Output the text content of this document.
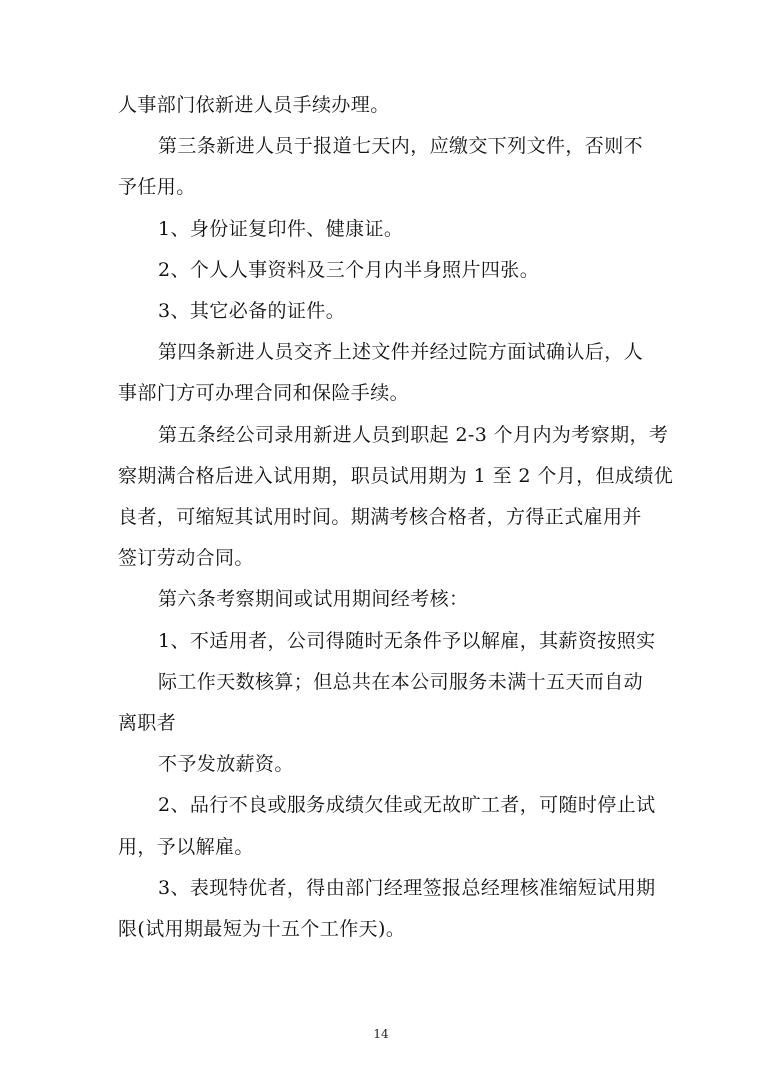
人事部门依新进人员手续办理。
第三条新进人员于报道七天内，应缴交下列文件，否则不
予任用。
1、身份证复印件、健康证。
2、个人人事资料及三个月内半身照片四张。
3、其它必备的证件。
第四条新进人员交齐上述文件并经过院方面试确认后，人
事部门方可办理合同和保险手续。
第五条经公司录用新进人员到职起 2-3 个月内为考察期，考
察期满合格后进入试用期，职员试用期为 1 至 2 个月，但成绩优
良者，可缩短其试用时间。期满考核合格者，方得正式雇用并
签订劳动合同。
第六条考察期间或试用期间经考核：
1、不适用者，公司得随时无条件予以解雇，其薪资按照实
际工作天数核算；但总共在本公司服务未满十五天而自动
离职者
不予发放薪资。
2、品行不良或服务成绩欠佳或无故旷工者，可随时停止试
用，予以解雇。
3、表现特优者，得由部门经理签报总经理核准缩短试用期
限(试用期最短为十五个工作天)。
14
